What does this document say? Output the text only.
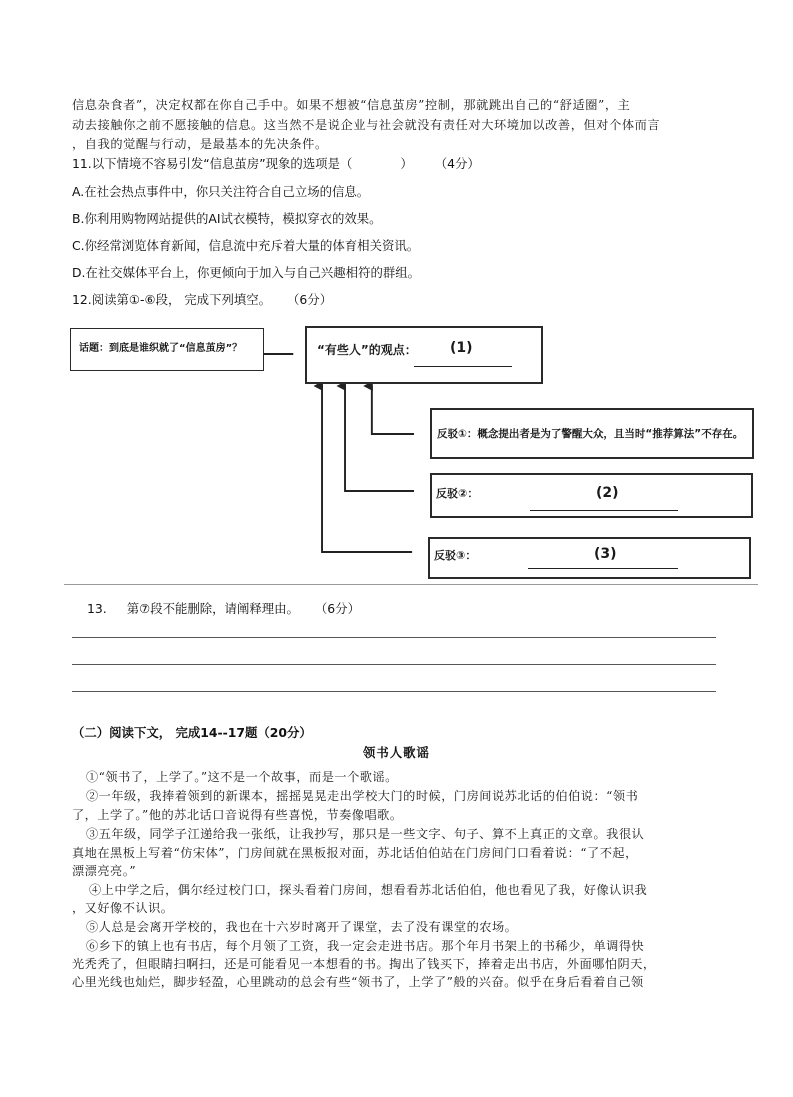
信息杂食者”，决定权都在你自己手中。如果不想被“信息茧房”控制，那就跳出自己的“舒适圈”，主
动去接触你之前不愿接触的信息。这当然不是说企业与社会就没有责任对大环境加以改善，但对个体而言
，自我的觉醒与行动，是最基本的先决条件。
11.以下情境不容易引发“信息茧房”现象的选项是（	） （4分）
A.在社会热点事件中，你只关注符合自己立场的信息。
B.你利用购物网站提供的AI试衣模特，模拟穿衣的效果。
C.你经常浏览体育新闻，信息流中充斥着大量的体育相关资讯。
D.在社交媒体平台上，你更倾向于加入与自己兴趣相符的群组。
12.阅读第①-⑥段， 完成下列填空。 （6分）
话题：到底是谁织就了“信息茧房”？	“有些人”的观点： (1)
反驳①：概念提出者是为了警醒大众，且当时“推荐算法”不存在。
反驳②：	(2)
反驳③：	(3)
13. 第⑦段不能删除，请阐释理由。 （6分）
（二）阅读下文， 完成14--17题（20分）
领书人歌谣
①“领书了，上学了。”这不是一个故事，而是一个歌谣。
②一年级，我捧着领到的新课本，摇摇晃晃走出学校大门的时候，门房间说苏北话的伯伯说：“领书
了，上学了。”他的苏北话口音说得有些喜悦，节奏像唱歌。
③五年级，同学子江递给我一张纸，让我抄写，那只是一些文字、句子、算不上真正的文章。我很认
真地在黑板上写着“仿宋体”，门房间就在黑板报对面，苏北话伯伯站在门房间门口看着说：“了不起，
漂漂亮亮。”
④上中学之后，偶尔经过校门口，探头看着门房间，想看看苏北话伯伯，他也看见了我，好像认识我
，又好像不认识。
⑤人总是会离开学校的，我也在十六岁时离开了课堂，去了没有课堂的农场。
⑥乡下的镇上也有书店，每个月领了工资，我一定会走进书店。那个年月书架上的书稀少，单调得快
光秃秃了，但眼睛扫啊扫，还是可能看见一本想看的书。掏出了钱买下，捧着走出书店，外面哪怕阴天，
心里光线也灿烂，脚步轻盈，心里跳动的总会有些“领书了，上学了”般的兴奋。似乎在身后看着自己领
